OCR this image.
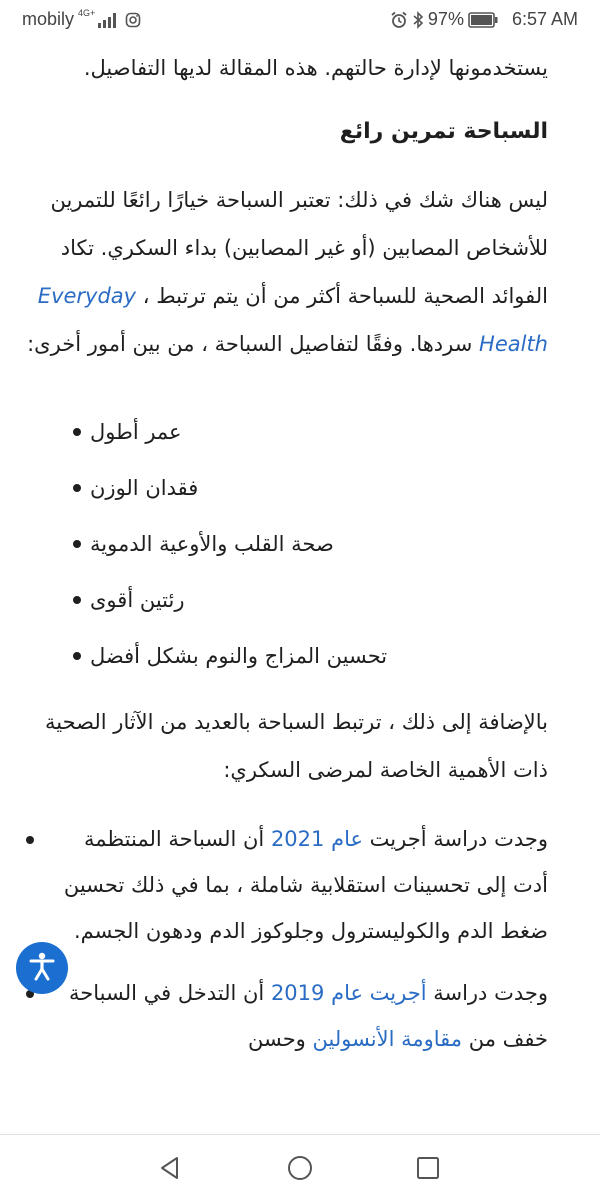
mobily 4G+	97%	6:57 AM

يستخدمونها لإدارة حالتهم. هذه المقالة لديها التفاصيل.

السباحة تمرين رائع

ليس هناك شك في ذلك: تعتبر السباحة خيارًا رائعًا للتمرين للأشخاص المصابين (أو غير المصابين) بداء السكري. تكاد الفوائد الصحية للسباحة أكثر من أن يتم ترتبط ، Everyday Health سردها. وفقًا لتفاصيل السباحة ، من بين أمور أخرى:

عمر أطول
فقدان الوزن
صحة القلب والأوعية الدموية
رئتين أقوى
تحسين المزاج والنوم بشكل أفضل

بالإضافة إلى ذلك ، ترتبط السباحة بالعديد من الآثار الصحية ذات الأهمية الخاصة لمرضى السكري:

وجدت دراسة أجريت عام 2021 أن السباحة المنتظمة أدت إلى تحسينات استقلابية شاملة ، بما في ذلك تحسين ضغط الدم والكوليسترول وجلوكوز الدم ودهون الجسم.
وجدت دراسة أجريت عام 2019 أن التدخل في السباحة خفف من مقاومة الأنسولين وحسن
